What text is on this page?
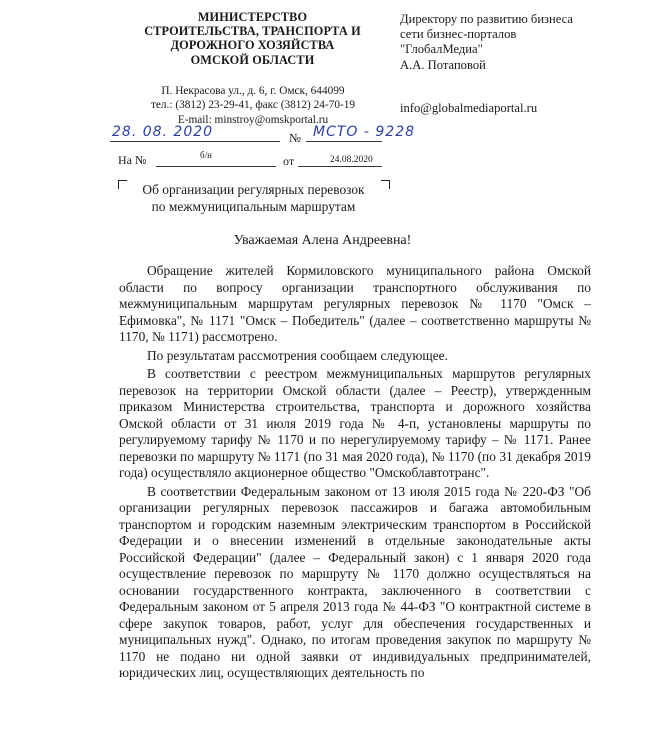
МИНИСТЕРСТВО
СТРОИТЕЛЬСТВА, ТРАНСПОРТА И
ДОРОЖНОГО ХОЗЯЙСТВА
ОМСКОЙ ОБЛАСТИ
П. Некрасова ул., д. 6, г. Омск, 644099
тел.: (3812) 23-29-41, факс (3812) 24-70-19
E-mail: minstroy@omskportal.ru
Директору по развитию бизнеса
сети бизнес-порталов
"ГлобалМедиа"
А.А. Потаповой
info@globalmediaportal.ru
28. 08. 2020	№ МСТО - 9228
На №	б/н	от	24.08.2020
Об организации регулярных перевозок
по межмуниципальным маршрутам
Уважаемая Алена Андреевна!

Обращение жителей Кормиловского муниципального района Омской области по вопросу организации транспортного обслуживания по межмуниципальным маршрутам регулярных перевозок № 1170 "Омск – Ефимовка", № 1171 "Омск – Победитель" (далее – соответственно маршруты № 1170, № 1171) рассмотрено.

По результатам рассмотрения сообщаем следующее.

В соответствии с реестром межмуниципальных маршрутов регулярных перевозок на территории Омской области (далее – Реестр), утвержденным приказом Министерства строительства, транспорта и дорожного хозяйства Омской области от 31 июля 2019 года № 4-п, установлены маршруты по регулируемому тарифу № 1170 и по нерегулируемому тарифу – № 1171. Ранее перевозки по маршруту № 1171 (по 31 мая 2020 года), № 1170 (по 31 декабря 2019 года) осуществляло акционерное общество "Омскоблавтотранс".

В соответствии Федеральным законом от 13 июля 2015 года № 220-ФЗ "Об организации регулярных перевозок пассажиров и багажа автомобильным транспортом и городским наземным электрическим транспортом в Российской Федерации и о внесении изменений в отдельные законодательные акты Российской Федерации" (далее – Федеральный закон) с 1 января 2020 года осуществление перевозок по маршруту № 1170 должно осуществляться на основании государственного контракта, заключенного в соответствии с Федеральным законом от 5 апреля 2013 года № 44-ФЗ "О контрактной системе в сфере закупок товаров, работ, услуг для обеспечения государственных и муниципальных нужд". Однако, по итогам проведения закупок по маршруту № 1170 не подано ни одной заявки от индивидуальных предпринимателей, юридических лиц, осуществляющих деятельность по
